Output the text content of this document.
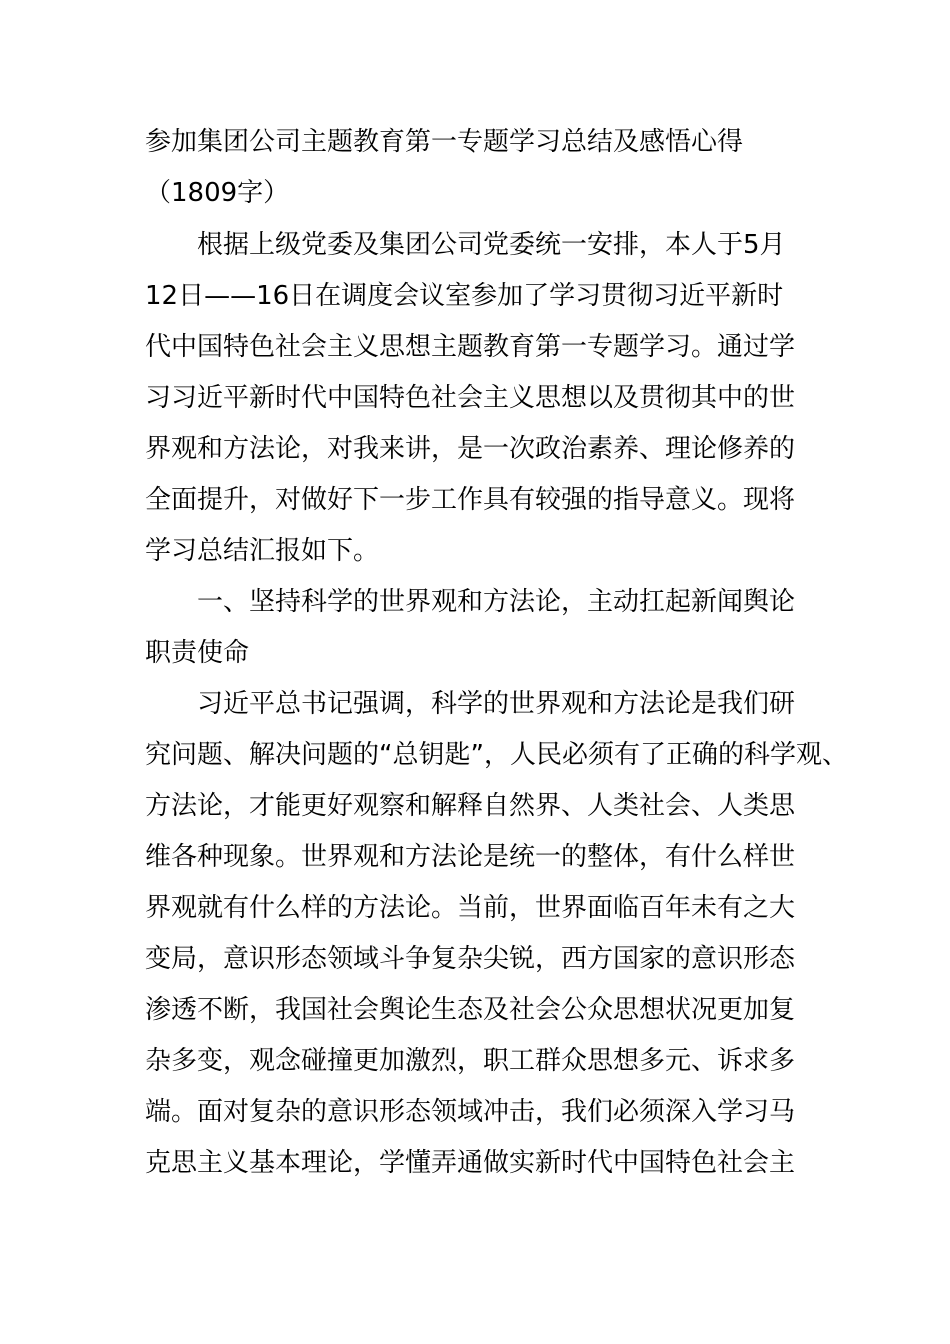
参加集团公司主题教育第一专题学习总结及感悟心得
（1809字）
根据上级党委及集团公司党委统一安排，本人于5月
12日——16日在调度会议室参加了学习贯彻习近平新时
代中国特色社会主义思想主题教育第一专题学习。通过学
习习近平新时代中国特色社会主义思想以及贯彻其中的世
界观和方法论，对我来讲，是一次政治素养、理论修养的
全面提升，对做好下一步工作具有较强的指导意义。现将
学习总结汇报如下。
一、坚持科学的世界观和方法论，主动扛起新闻舆论
职责使命
习近平总书记强调，科学的世界观和方法论是我们研
究问题、解决问题的“总钥匙”，人民必须有了正确的科学观、
方法论，才能更好观察和解释自然界、人类社会、人类思
维各种现象。世界观和方法论是统一的整体，有什么样世
界观就有什么样的方法论。当前，世界面临百年未有之大
变局，意识形态领域斗争复杂尖锐，西方国家的意识形态
渗透不断，我国社会舆论生态及社会公众思想状况更加复
杂多变，观念碰撞更加激烈，职工群众思想多元、诉求多
端。面对复杂的意识形态领域冲击，我们必须深入学习马
克思主义基本理论，学懂弄通做实新时代中国特色社会主
